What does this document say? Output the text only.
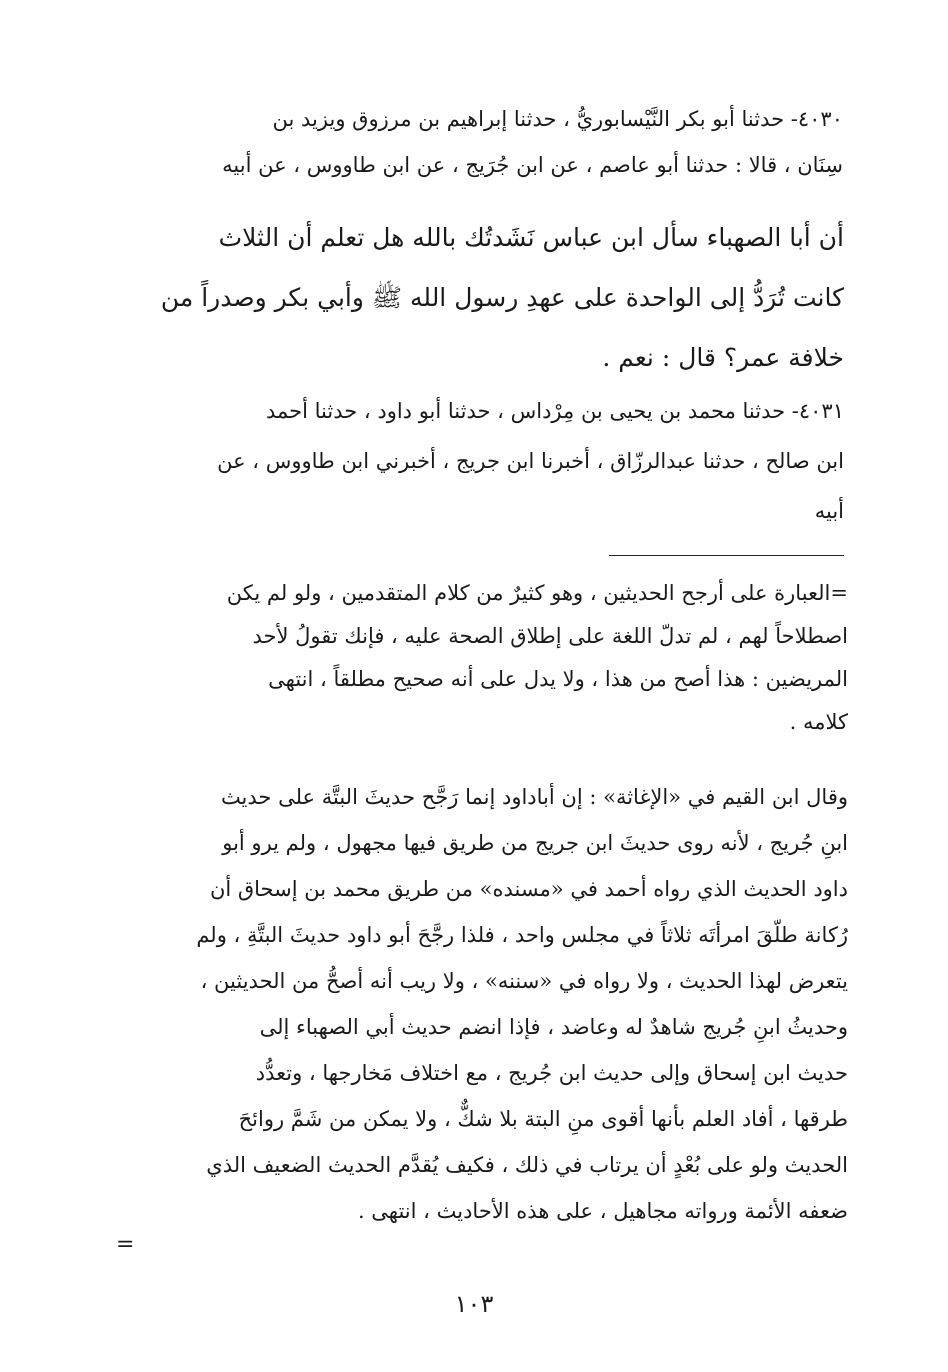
٤٠٣٠- حدثنا أبو بكر النَّيْسابوريُّ ، حدثنا إبراهيم بن مرزوق ويزيد بن
سِنَان ، قالا : حدثنا أبو عاصم ، عن ابن جُرَيج ، عن ابن طاووس ، عن أبيه
أن أبا الصهباء سأل ابن عباس نَشَدتُك بالله هل تعلم أن الثلاث
كانت تُرَدُّ إلى الواحدة على عهدِ رسول الله ﷺ وأبي بكر وصدراً من
خلافة عمر؟ قال : نعم .
٤٠٣١- حدثنا محمد بن يحيى بن مِرْداس ، حدثنا أبو داود ، حدثنا أحمد
ابن صالح ، حدثنا عبدالرزّاق ، أخبرنا ابن جريج ، أخبرني ابن طاووس ، عن
أبيه
=العبارة على أرجح الحديثين ، وهو كثيرٌ من كلام المتقدمين ، ولو لم يكن
اصطلاحاً لهم ، لم تدلّ اللغة على إطلاق الصحة عليه ، فإنك تقولُ لأحد
المريضين : هذا أصح من هذا ، ولا يدل على أنه صحيح مطلقاً ، انتهى
كلامه .
وقال ابن القيم في «الإغاثة» : إن أباداود إنما رَجَّح حديثَ البتَّة على حديث
ابنِ جُريج ، لأنه روى حديثَ ابن جريج من طريق فيها مجهول ، ولم يرو أبو
داود الحديث الذي رواه أحمد في «مسنده» من طريق محمد بن إسحاق أن
رُكانة طلّقَ امرأتَه ثلاثاً في مجلس واحد ، فلذا رجَّحَ أبو داود حديثَ البتَّةِ ، ولم
يتعرض لهذا الحديث ، ولا رواه في «سننه» ، ولا ريب أنه أصحُّ من الحديثين ،
وحديثُ ابنِ جُريج شاهدٌ له وعاضد ، فإذا انضم حديث أبي الصهباء إلى
حديث ابن إسحاق وإلى حديث ابن جُريج ، مع اختلاف مَخارجها ، وتعدُّد
طرقها ، أفاد العلم بأنها أقوى منِ البتة بلا شكٌّ ، ولا يمكن من شَمَّ روائحَ
الحديث ولو على بُعْدٍ أن يرتاب في ذلك ، فكيف يُقدَّم الحديث الضعيف الذي
ضعفه الأئمة ورواته مجاهيل ، على هذه الأحاديث ، انتهى .
=
١٠٣
